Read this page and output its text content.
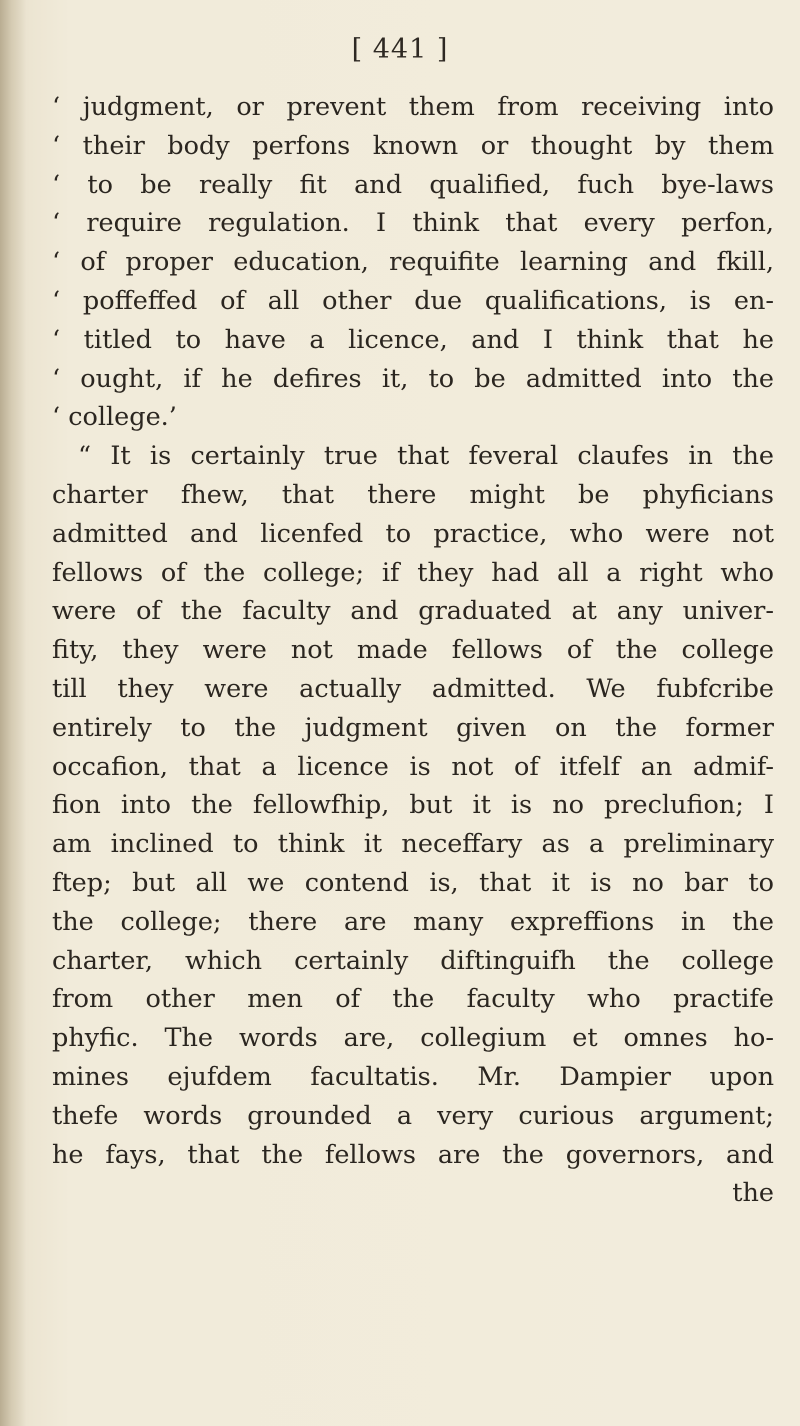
[ 441 ]
‘ judgment, or prevent them from receiving into
‘ their body perfons known or thought by them
‘ to be really fit and qualified, fuch bye-laws
‘ require regulation. I think that every perfon,
‘ of proper education, requifite learning and fkill,
‘ poffeffed of all other due qualifications, is en-
‘ titled to have a licence, and I think that he
‘ ought, if he defires it, to be admitted into the
‘ college.’
“ It is certainly true that feveral claufes in the
charter fhew, that there might be phyficians
admitted and licenfed to practice, who were not
fellows of the college; if they had all a right who
were of the faculty and graduated at any univer-
fity, they were not made fellows of the college
till they were actually admitted. We fubfcribe
entirely to the judgment given on the former
occafion, that a licence is not of itfelf an admif-
fion into the fellowfhip, but it is no preclufion; I
am inclined to think it neceffary as a preliminary
ftep; but all we contend is, that it is no bar to
the college; there are many expreffions in the
charter, which certainly diftinguifh the college
from other men of the faculty who practife
phyfic. The words are, collegium et omnes ho-
mines ejufdem facultatis. Mr. Dampier upon
thefe words grounded a very curious argument;
he fays, that the fellows are the governors, and
the
